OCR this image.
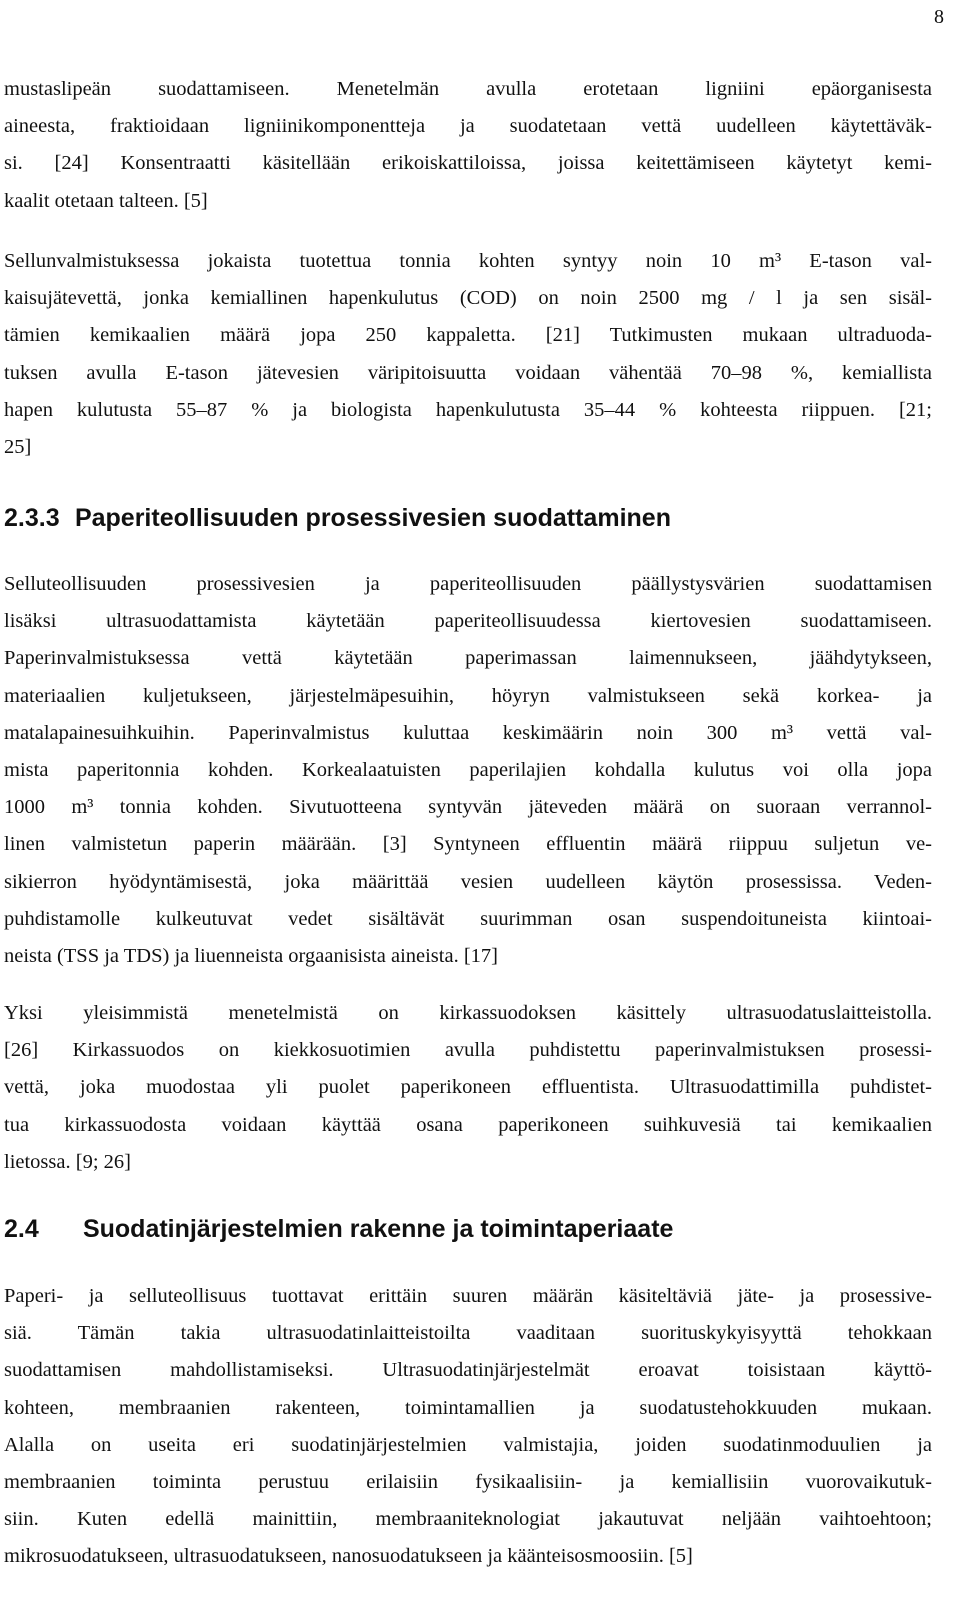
8
mustaslipeän suodattamiseen. Menetelmän avulla erotetaan ligniini epäorganisesta
aineesta, fraktioidaan ligniinikomponentteja ja suodatetaan vettä uudelleen käytettäväk-
si. [24] Konsentraatti käsitellään erikoiskattiloissa, joissa keitettämiseen käytetyt kemi-
kaalit otetaan talteen. [5]
Sellunvalmistuksessa jokaista tuotettua tonnia kohten syntyy noin 10 m³ E-tason val-
kaisujätevettä, jonka kemiallinen hapenkulutus (COD) on noin 2500 mg / l ja sen sisäl-
tämien kemikaalien määrä jopa 250 kappaletta. [21] Tutkimusten mukaan ultraduoda-
tuksen avulla E-tason jätevesien väripitoisuutta voidaan vähentää 70–98 %, kemiallista
hapen kulutusta 55–87 % ja biologista hapenkulutusta 35–44 % kohteesta riippuen. [21;
25]
2.3.3 Paperiteollisuuden prosessivesien suodattaminen
Selluteollisuuden prosessivesien ja paperiteollisuuden päällystysvärien suodattamisen
lisäksi ultrasuodattamista käytetään paperiteollisuudessa kiertovesien suodattamiseen.
Paperinvalmistuksessa vettä käytetään paperimassan laimennukseen, jäähdytykseen,
materiaalien kuljetukseen, järjestelmäpesuihin, höyryn valmistukseen sekä korkea- ja
matalapainesuihkuihin. Paperinvalmistus kuluttaa keskimäärin noin 300 m³ vettä val-
mista paperitonnia kohden. Korkealaatuisten paperilajien kohdalla kulutus voi olla jopa
1000 m³ tonnia kohden. Sivutuotteena syntyvän jäteveden määrä on suoraan verrannol-
linen valmistetun paperin määrään. [3] Syntyneen effluentin määrä riippuu suljetun ve-
sikierron hyödyntämisestä, joka määrittää vesien uudelleen käytön prosessissa. Veden-
puhdistamolle kulkeutuvat vedet sisältävät suurimman osan suspendoituneista kiintoai-
neista (TSS ja TDS) ja liuenneista orgaanisista aineista. [17]
Yksi yleisimmistä menetelmistä on kirkassuodoksen käsittely ultrasuodatuslaitteistolla.
[26] Kirkassuodos on kiekkosuotimien avulla puhdistettu paperinvalmistuksen prosessi-
vettä, joka muodostaa yli puolet paperikoneen effluentista. Ultrasuodattimilla puhdistet-
tua kirkassuodosta voidaan käyttää osana paperikoneen suihkuvesiä tai kemikaalien
lietossa. [9; 26]
2.4 Suodatinjärjestelmien rakenne ja toimintaperiaate
Paperi- ja selluteollisuus tuottavat erittäin suuren määrän käsiteltäviä jäte- ja prosessive-
siä. Tämän takia ultrasuodatinlaitteistoilta vaaditaan suorituskykyisyyttä tehokkaan
suodattamisen mahdollistamiseksi. Ultrasuodatinjärjestelmät eroavat toisistaan käyttö-
kohteen, membraanien rakenteen, toimintamallien ja suodatustehokkuuden mukaan.
Alalla on useita eri suodatinjärjestelmien valmistajia, joiden suodatinmoduulien ja
membraanien toiminta perustuu erilaisiin fysikaalisiin- ja kemiallisiin vuorovaikutuk-
siin. Kuten edellä mainittiin, membraaniteknologiat jakautuvat neljään vaihtoehtoon;
mikrosuodatukseen, ultrasuodatukseen, nanosuodatukseen ja käänteisosmoosiin. [5]
